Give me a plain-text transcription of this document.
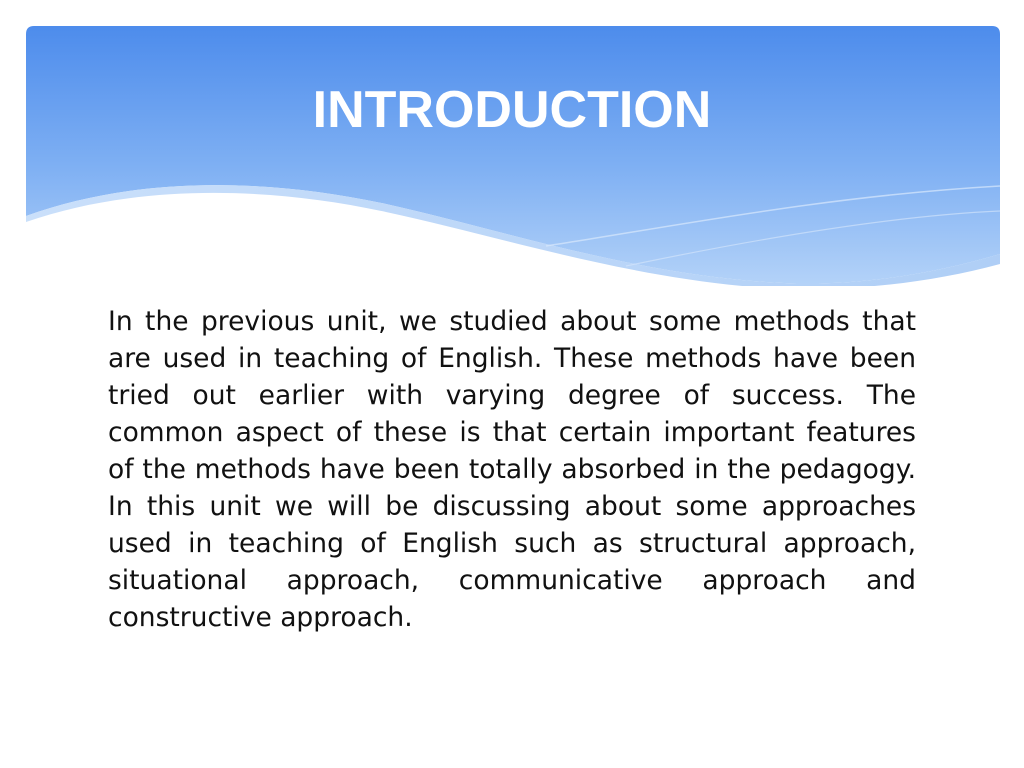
INTRODUCTION

In the previous unit, we studied about some methods that are used in teaching of English. These methods have been tried out earlier with varying degree of success. The common aspect of these is that certain important features of the methods have been totally absorbed in the pedagogy. In this unit we will be discussing about some approaches used in teaching of English such as structural approach, situational approach, communicative approach and constructive approach.
